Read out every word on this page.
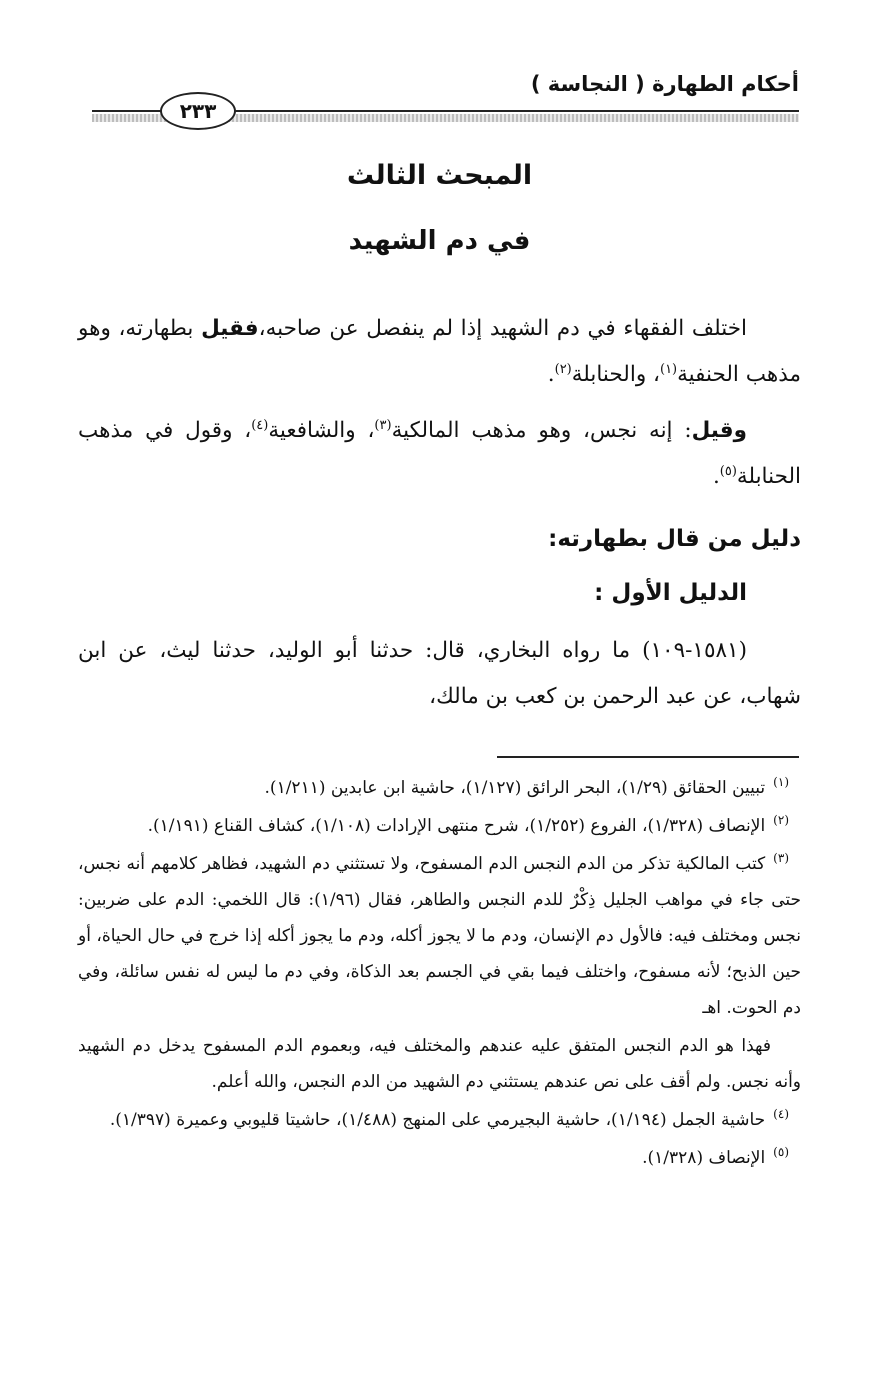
أحكام الطهارة ( النجاسة )
٢٣٣
المبحث الثالث
في دم الشهيد
اختلف الفقهاء في دم الشهيد إذا لم ينفصل عن صاحبه،فقيل بطهارته، وهو مذهب الحنفية$^{(١)}$، والحنابلة$^{(٢)}$.
وقيل: إنه نجس، وهو مذهب المالكية$^{(٣)}$، والشافعية$^{(٤)}$، وقول في مذهب الحنابلة$^{(٥)}$.
دليل من قال بطهارته:
الدليل الأول :
(١٥٨١-١٠٩) ما رواه البخاري، قال: حدثنا أبو الوليد، حدثنا ليث، عن ابن شهاب، عن عبد الرحمن بن كعب بن مالك،
$^{(١)}$تبيين الحقائق (١/٢٩)، البحر الرائق (١/١٢٧)، حاشية ابن عابدين (١/٢١١).
$^{(٢)}$الإنصاف (١/٣٢٨)، الفروع (١/٢٥٢)، شرح منتهى الإرادات (١/١٠٨)، كشاف القناع (١/١٩١).
$^{(٣)}$كتب المالكية تذكر من الدم النجس الدم المسفوح، ولا تستثني دم الشهيد، فظاهر كلامهم أنه نجس، حتى جاء في مواهب الجليل ذِكْرٌ للدم النجس والطاهر، فقال (١/٩٦): قال اللخمي: الدم على ضربين: نجس ومختلف فيه: فالأول دم الإنسان، ودم ما لا يجوز أكله، ودم ما يجوز أكله إذا خرج في حال الحياة، أو حين الذبح؛ لأنه مسفوح، واختلف فيما بقي في الجسم بعد الذكاة، وفي دم ما ليس له نفس سائلة، وفي دم الحوت. اهـ
فهذا هو الدم النجس المتفق عليه عندهم والمختلف فيه، وبعموم الدم المسفوح يدخل دم الشهيد وأنه نجس. ولم أقف على نص عندهم يستثني دم الشهيد من الدم النجس، والله أعلم.
$^{(٤)}$حاشية الجمل (١/١٩٤)، حاشية البجيرمي على المنهج (١/٤٨٨)، حاشيتا قليوبي وعميرة (١/٣٩٧).
$^{(٥)}$الإنصاف (١/٣٢٨).
